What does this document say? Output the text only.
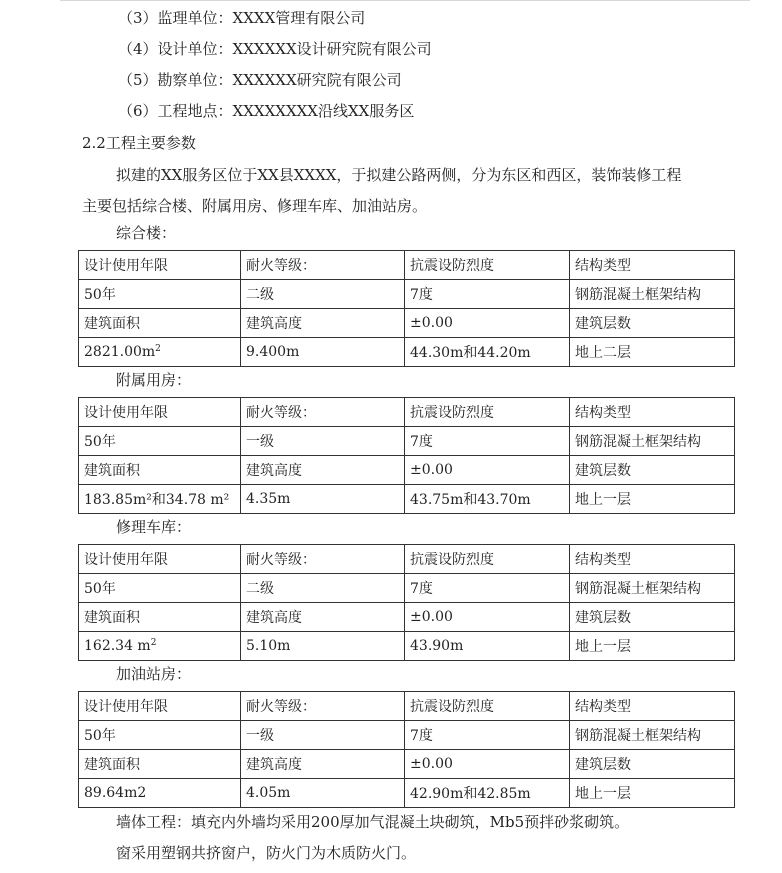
（3）监理单位：XXXX管理有限公司
（4）设计单位：XXXXXX设计研究院有限公司
（5）勘察单位：XXXXXX研究院有限公司
（6）工程地点：XXXXXXXX沿线XX服务区
2.2工程主要参数
拟建的XX服务区位于XX县XXXX，于拟建公路两侧，分为东区和西区，装饰装修工程
主要包括综合楼、附属用房、修理车库、加油站房。
综合楼：
设计使用年限	耐火等级：	抗震设防烈度	结构类型
50年	二级	7度	钢筋混凝土框架结构
建筑面积	建筑高度	±0.00	建筑层数
$2821.00m^2$	9.400m	44.30m和44.20m	地上二层
附属用房：
设计使用年限	耐火等级：	抗震设防烈度	结构类型
50年	一级	7度	钢筋混凝土框架结构
建筑面积	建筑高度	±0.00	建筑层数
183.85m²和34.78 m²	4.35m	43.75m和43.70m	地上一层
修理车库：
设计使用年限	耐火等级：	抗震设防烈度	结构类型
50年	二级	7度	钢筋混凝土框架结构
建筑面积	建筑高度	±0.00	建筑层数
162.34 $m^2$	5.10m	43.90m	地上一层
加油站房：
设计使用年限	耐火等级：	抗震设防烈度	结构类型
50年	一级	7度	钢筋混凝土框架结构
建筑面积	建筑高度	±0.00	建筑层数
89.64m2	4.05m	42.90m和42.85m	地上一层
墙体工程：填充内外墙均采用200厚加气混凝土块砌筑，Mb5预拌砂浆砌筑。
窗采用塑钢共挤窗户，防火门为木质防火门。
